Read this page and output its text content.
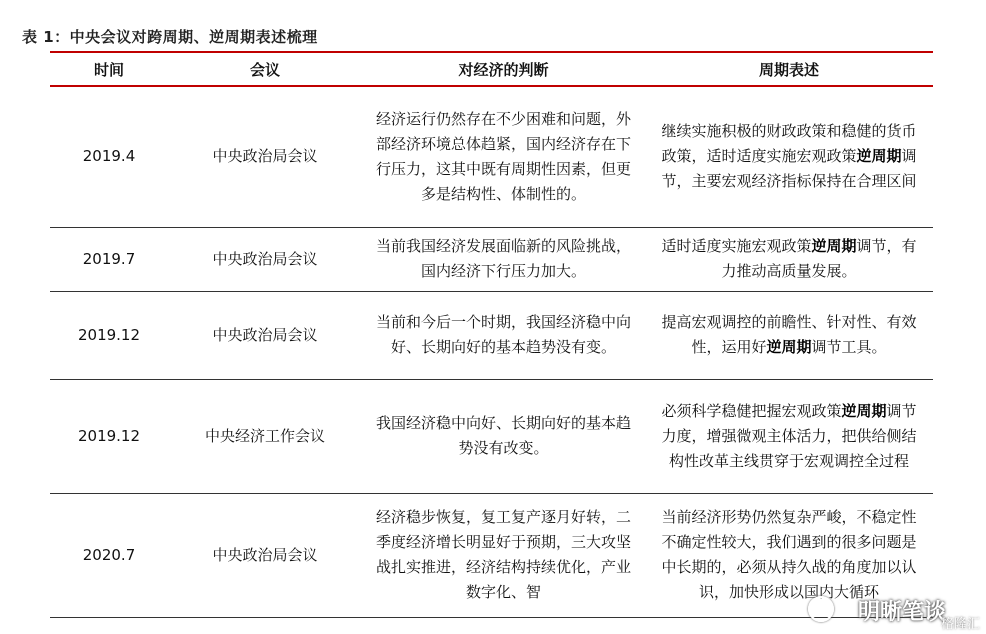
表 1：中央会议对跨周期、逆周期表述梳理
时间	会议	对经济的判断	周期表述
2019.4	中央政治局会议	经济运行仍然存在不少困难和问题，外部经济环境总体趋紧，国内经济存在下行压力，这其中既有周期性因素，但更多是结构性、体制性的。	继续实施积极的财政政策和稳健的货币政策，适时适度实施宏观政策逆周期调节，主要宏观经济指标保持在合理区间
2019.7	中央政治局会议	当前我国经济发展面临新的风险挑战，国内经济下行压力加大。	适时适度实施宏观政策逆周期调节，有力推动高质量发展。
2019.12	中央政治局会议	当前和今后一个时期，我国经济稳中向好、长期向好的基本趋势没有变。	提高宏观调控的前瞻性、针对性、有效性，运用好逆周期调节工具。
2019.12	中央经济工作会议	我国经济稳中向好、长期向好的基本趋势没有改变。	必须科学稳健把握宏观政策逆周期调节力度，增强微观主体活力，把供给侧结构性改革主线贯穿于宏观调控全过程
2020.7	中央政治局会议	经济稳步恢复，复工复产逐月好转，二季度经济增长明显好于预期，三大攻坚战扎实推进，经济结构持续优化，产业数字化、智	当前经济形势仍然复杂严峻，不稳定性不确定性较大，我们遇到的很多问题是中长期的，必须从持久战的角度加以认识，加快形成以国内大循环
明晰笔谈
格隆汇
